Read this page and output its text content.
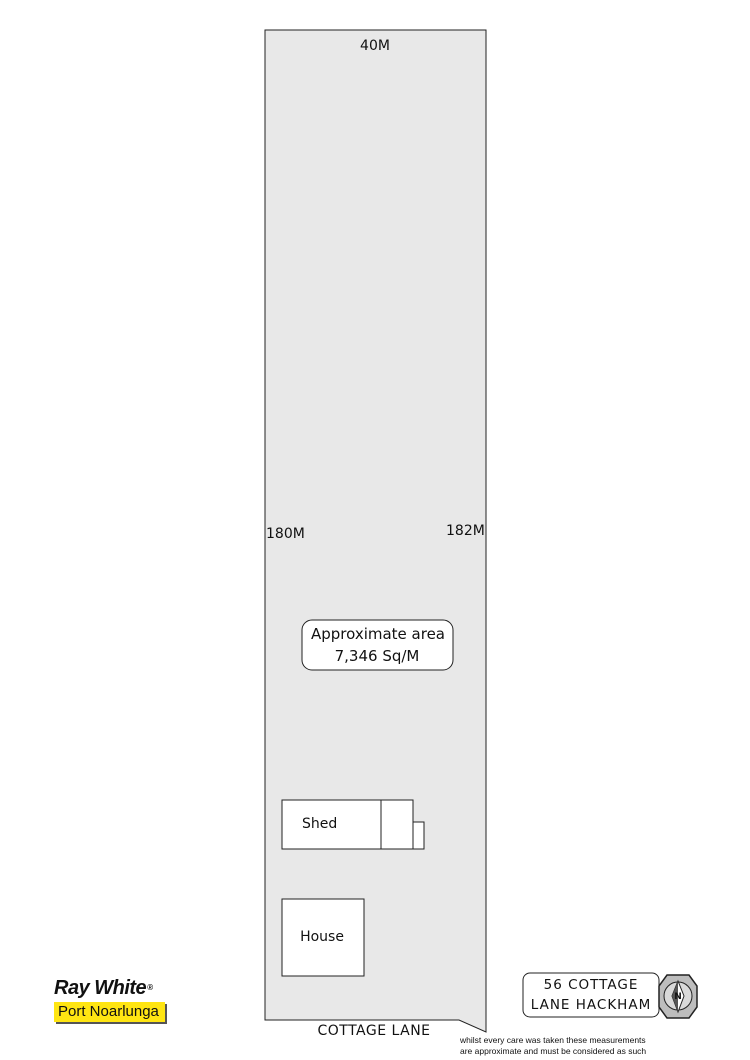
40M
180M	182M
Approximate area
7,346 Sq/M
Shed
House
COTTAGE LANE
56 COTTAGE
LANE HACKHAM	N
Ray White®
Port Noarlunga
whilst every care was taken these measurements
are approximate and must be considered as such
